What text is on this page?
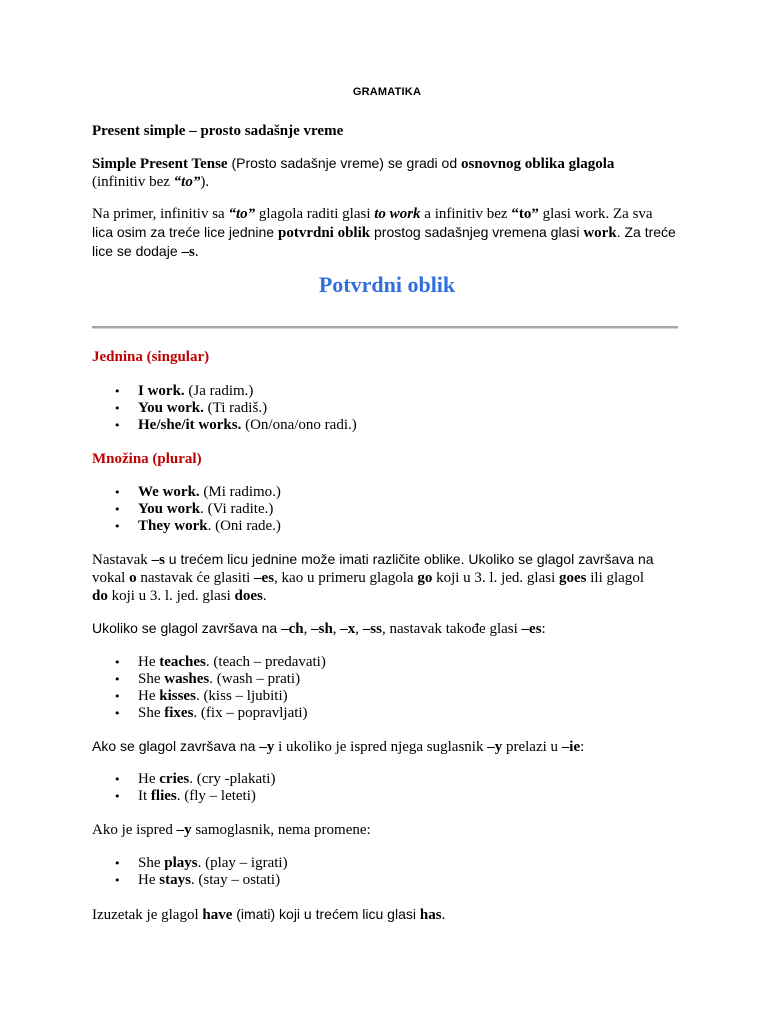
GRAMATIKA

Present simple – prosto sadašnje vreme

Simple Present Tense (Prosto sadašnje vreme) se gradi od osnovnog oblika glagola

(infinitiv bez “to”).

Na primer, infinitiv sa “to” glagola raditi glasi to work a infinitiv bez “to” glasi work. Za sva

lica osim za treće lice jednine potvrdni oblik prostog sadašnjeg vremena glasi work. Za treće

lice se dodaje –s.

Potvrdni oblik

Jednina (singular)

• I work. (Ja radim.)
• You work. (Ti radiš.)
• He/she/it works. (On/ona/ono radi.)

Množina (plural)

• We work. (Mi radimo.)
• You work. (Vi radite.)
• They work. (Oni rade.)

Nastavak –s u trećem licu jednine može imati različite oblike. Ukoliko se glagol završava na

vokal o nastavak će glasiti –es, kao u primeru glagola go koji u 3. l. jed. glasi goes ili glagol

do koji u 3. l. jed. glasi does.

Ukoliko se glagol završava na –ch, –sh, –x, –ss, nastavak takođe glasi –es:

• He teaches. (teach – predavati)
• She washes. (wash – prati)
• He kisses. (kiss – ljubiti)
• She fixes. (fix – popravljati)

Ako se glagol završava na –y i ukoliko je ispred njega suglasnik –y prelazi u –ie:

• He cries. (cry -plakati)
• It flies. (fly – leteti)

Ako je ispred –y samoglasnik, nema promene:

• She plays. (play – igrati)
• He stays. (stay – ostati)

Izuzetak je glagol have (imati) koji u trećem licu glasi has.
